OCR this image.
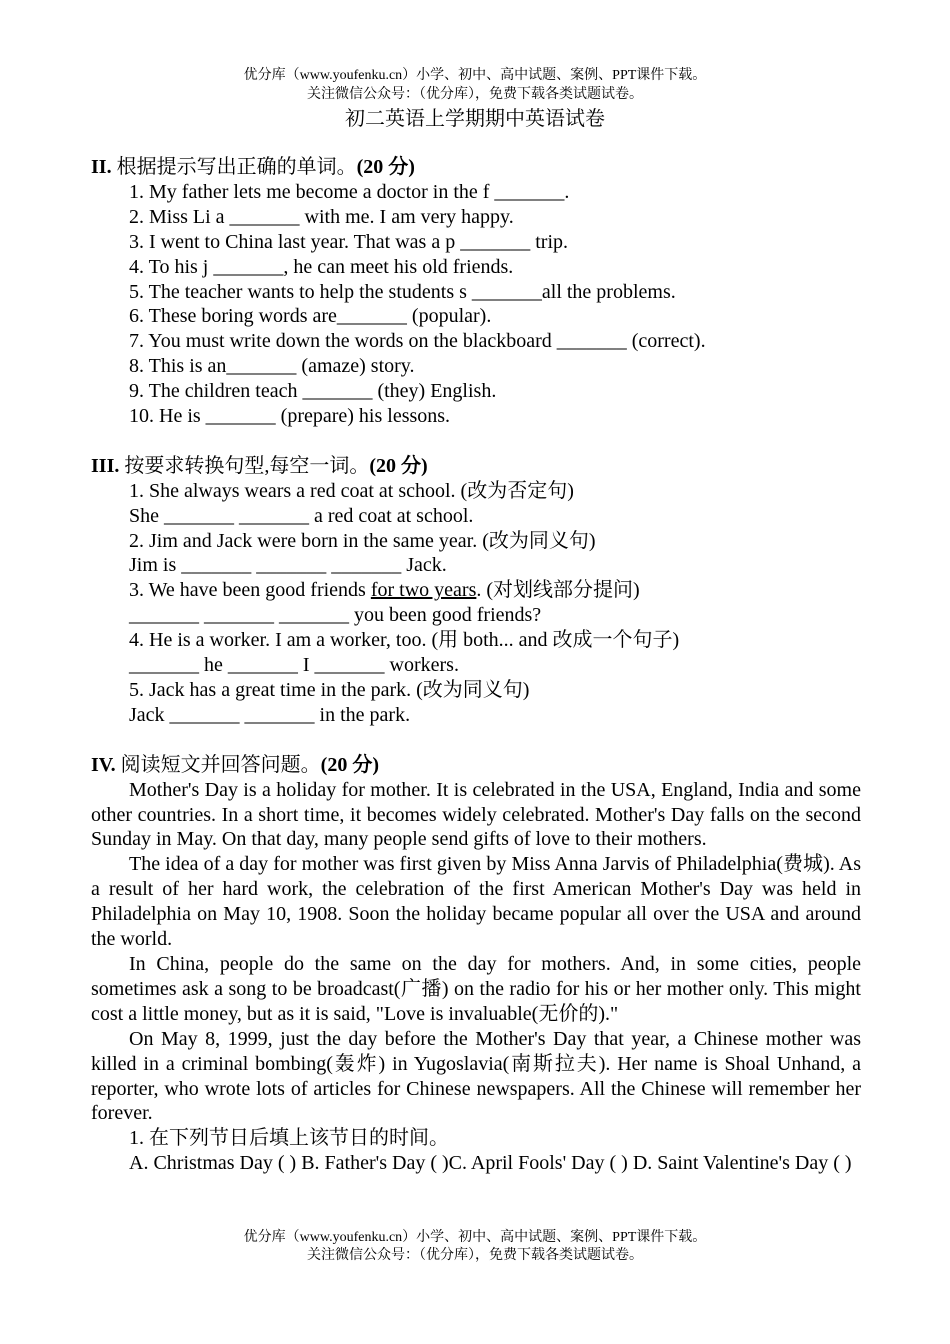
优分库（www.youfenku.cn）小学、初中、高中试题、案例、PPT课件下载。
关注微信公众号：（优分库），免费下载各类试题试卷。
初二英语上学期期中英语试卷

II. 根据提示写出正确的单词。(20 分)

1. My father lets me become a doctor in the f _______.

2. Miss Li a _______ with me. I am very happy.

3. I went to China last year. That was a p _______ trip.

4. To his j _______, he can meet his old friends.

5. The teacher wants to help the students s _______all the problems.

6. These boring words are_______ (popular).

7. You must write down the words on the blackboard _______ (correct).

8. This is an_______ (amaze) story.

9. The children teach _______ (they) English.

10. He is _______ (prepare) his lessons.

III. 按要求转换句型,每空一词。(20 分)

1. She always wears a red coat at school. (改为否定句)

She _______ _______ a red coat at school.

2. Jim and Jack were born in the same year. (改为同义句)

Jim is _______ _______ _______ Jack.

3. We have been good friends for two years. (对划线部分提问)

_______ _______ _______ you been good friends?

4. He is a worker. I am a worker, too. (用 both... and 改成一个句子)

_______ he _______ I _______ workers.

5. Jack has a great time in the park. (改为同义句)

Jack _______ _______ in the park.

IV. 阅读短文并回答问题。(20 分)

Mother's Day is a holiday for mother. It is celebrated in the USA, England, India and some other countries. In a short time, it becomes widely celebrated. Mother's Day falls on the second Sunday in May. On that day, many people send gifts of love to their mothers.

The idea of a day for mother was first given by Miss Anna Jarvis of Philadelphia(费城). As a result of her hard work, the celebration of the first American Mother's Day was held in Philadelphia on May 10, 1908. Soon the holiday became popular all over the USA and around the world.

In China, people do the same on the day for mothers. And, in some cities, people sometimes ask a song to be broadcast(广播) on the radio for his or her mother only. This might cost a little money, but as it is said, "Love is invaluable(无价的)."

On May 8, 1999, just the day before the Mother's Day that year, a Chinese mother was killed in a criminal bombing(轰炸) in Yugoslavia(南斯拉夫). Her name is Shoal Unhand, a reporter, who wrote lots of articles for Chinese newspapers. All the Chinese will remember her forever.

1. 在下列节日后填上该节日的时间。

A. Christmas Day ( ) B. Father's Day ( )C. April Fools' Day ( ) D. Saint Valentine's Day ( )

优分库（www.youfenku.cn）小学、初中、高中试题、案例、PPT课件下载。
关注微信公众号：（优分库），免费下载各类试题试卷。
